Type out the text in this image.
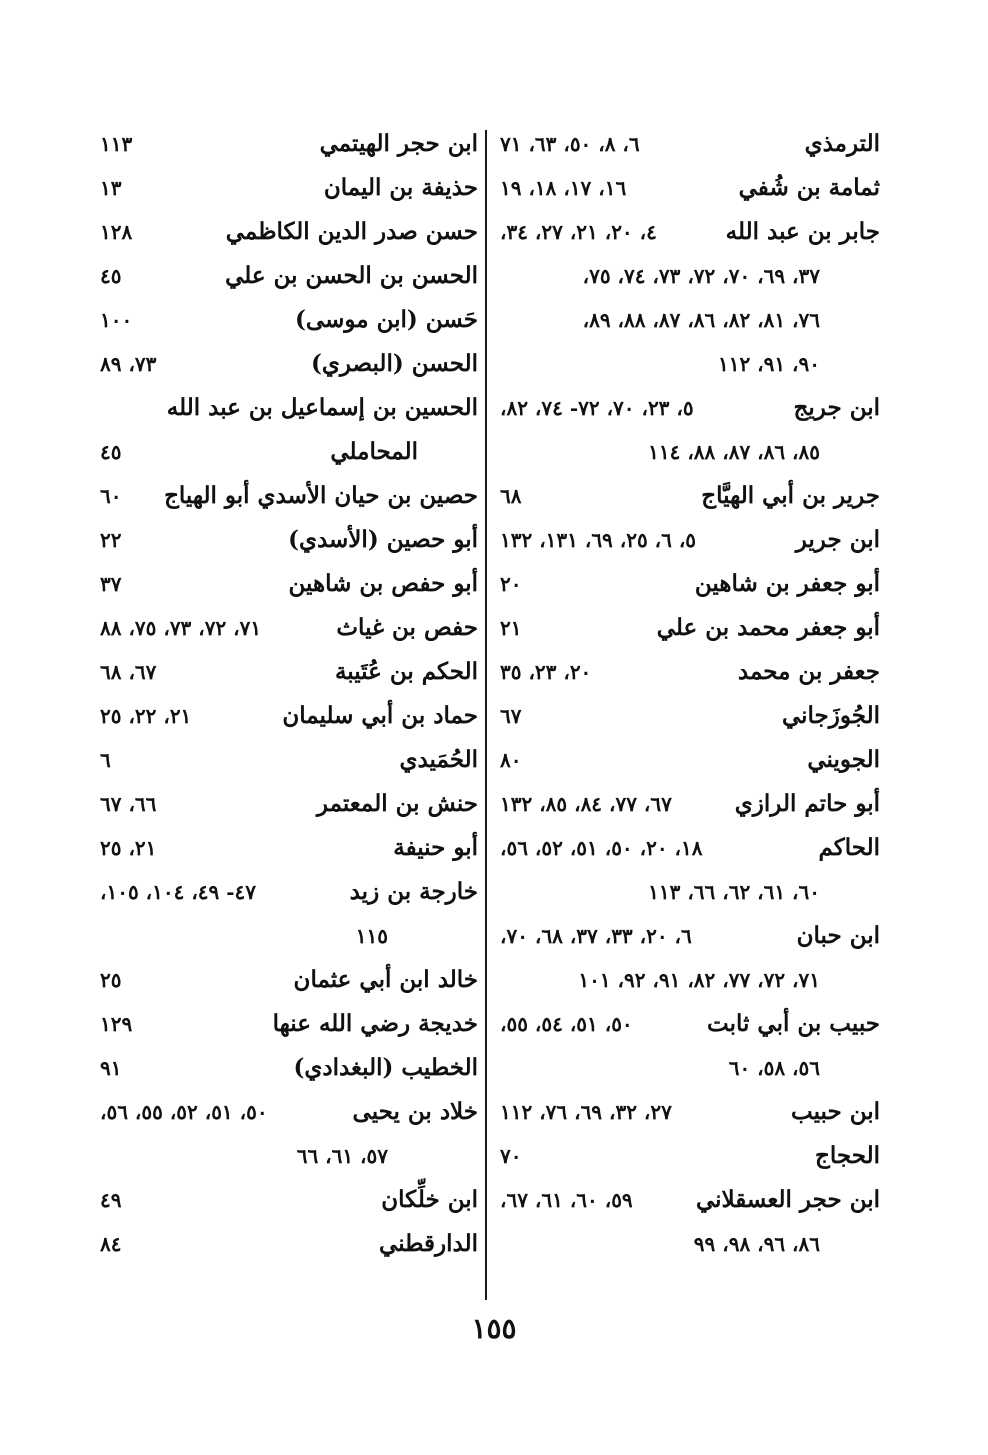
الترمذي
٦، ٨، ٥٠، ٦٣، ٧١
ثمامة بن شُفي
١٦، ١٧، ١٨، ١٩
جابر بن عبد الله
٤، ٢٠، ٢١، ٢٧، ٣٤،
٣٧، ٦٩، ٧٠، ٧٢، ٧٣، ٧٤، ٧٥،
٧٦، ٨١، ٨٢، ٨٦، ٨٧، ٨٨، ٨٩،
٩٠، ٩١، ١١٢
ابن جريج
٥، ٢٣، ٧٠، ٧٢- ٧٤، ٨٢،
٨٥، ٨٦، ٨٧، ٨٨، ١١٤
جرير بن أبي الهيَّاج
٦٨
ابن جرير
٥، ٦، ٢٥، ٦٩، ١٣١، ١٣٢
أبو جعفر بن شاهين
٢٠
أبو جعفر محمد بن علي
٢١
جعفر بن محمد
٢٠، ٢٣، ٣٥
الجُوزَجاني
٦٧
الجويني
٨٠
أبو حاتم الرازي
٦٧، ٧٧، ٨٤، ٨٥، ١٣٢
الحاكم
١٨، ٢٠، ٥٠، ٥١، ٥٢، ٥٦،
٦٠، ٦١، ٦٢، ٦٦، ١١٣
ابن حبان
٦، ٢٠، ٣٣، ٣٧، ٦٨، ٧٠،
٧١، ٧٢، ٧٧، ٨٢، ٩١، ٩٢، ١٠١
حبيب بن أبي ثابت
٥٠، ٥١، ٥٤، ٥٥،
٥٦، ٥٨، ٦٠
ابن حبيب
٢٧، ٣٢، ٦٩، ٧٦، ١١٢
الحجاج
٧٠
ابن حجر العسقلاني
٥٩، ٦٠، ٦١، ٦٧،
٨٦، ٩٦، ٩٨، ٩٩
ابن حجر الهيتمي
١١٣
حذيفة بن اليمان
١٣
حسن صدر الدين الكاظمي
١٢٨
الحسن بن الحسن بن علي
٤٥
حَسن (ابن موسى)
١٠٠
الحسن (البصري)
٧٣، ٨٩
الحسين بن إسماعيل بن عبد الله
المحاملي
٤٥
حصين بن حيان الأسدي أبو الهياج
٦٠
أبو حصين (الأسدي)
٢٢
أبو حفص بن شاهين
٣٧
حفص بن غياث
٧١، ٧٢، ٧٣، ٧٥، ٨٨
الحكم بن عُتَيبة
٦٧، ٦٨
حماد بن أبي سليمان
٢١، ٢٢، ٢٥
الحُمَيدي
٦
حنش بن المعتمر
٦٦، ٦٧
أبو حنيفة
٢١، ٢٥
خارجة بن زيد
٤٧- ٤٩، ١٠٤، ١٠٥،
١١٥
خالد ابن أبي عثمان
٢٥
خديجة رضي الله عنها
١٢٩
الخطيب (البغدادي)
٩١
خلاد بن يحيى
٥٠، ٥١، ٥٢، ٥٥، ٥٦،
٥٧، ٦١، ٦٦
ابن خلِّكان
٤٩
الدارقطني
٨٤
١٥٥
